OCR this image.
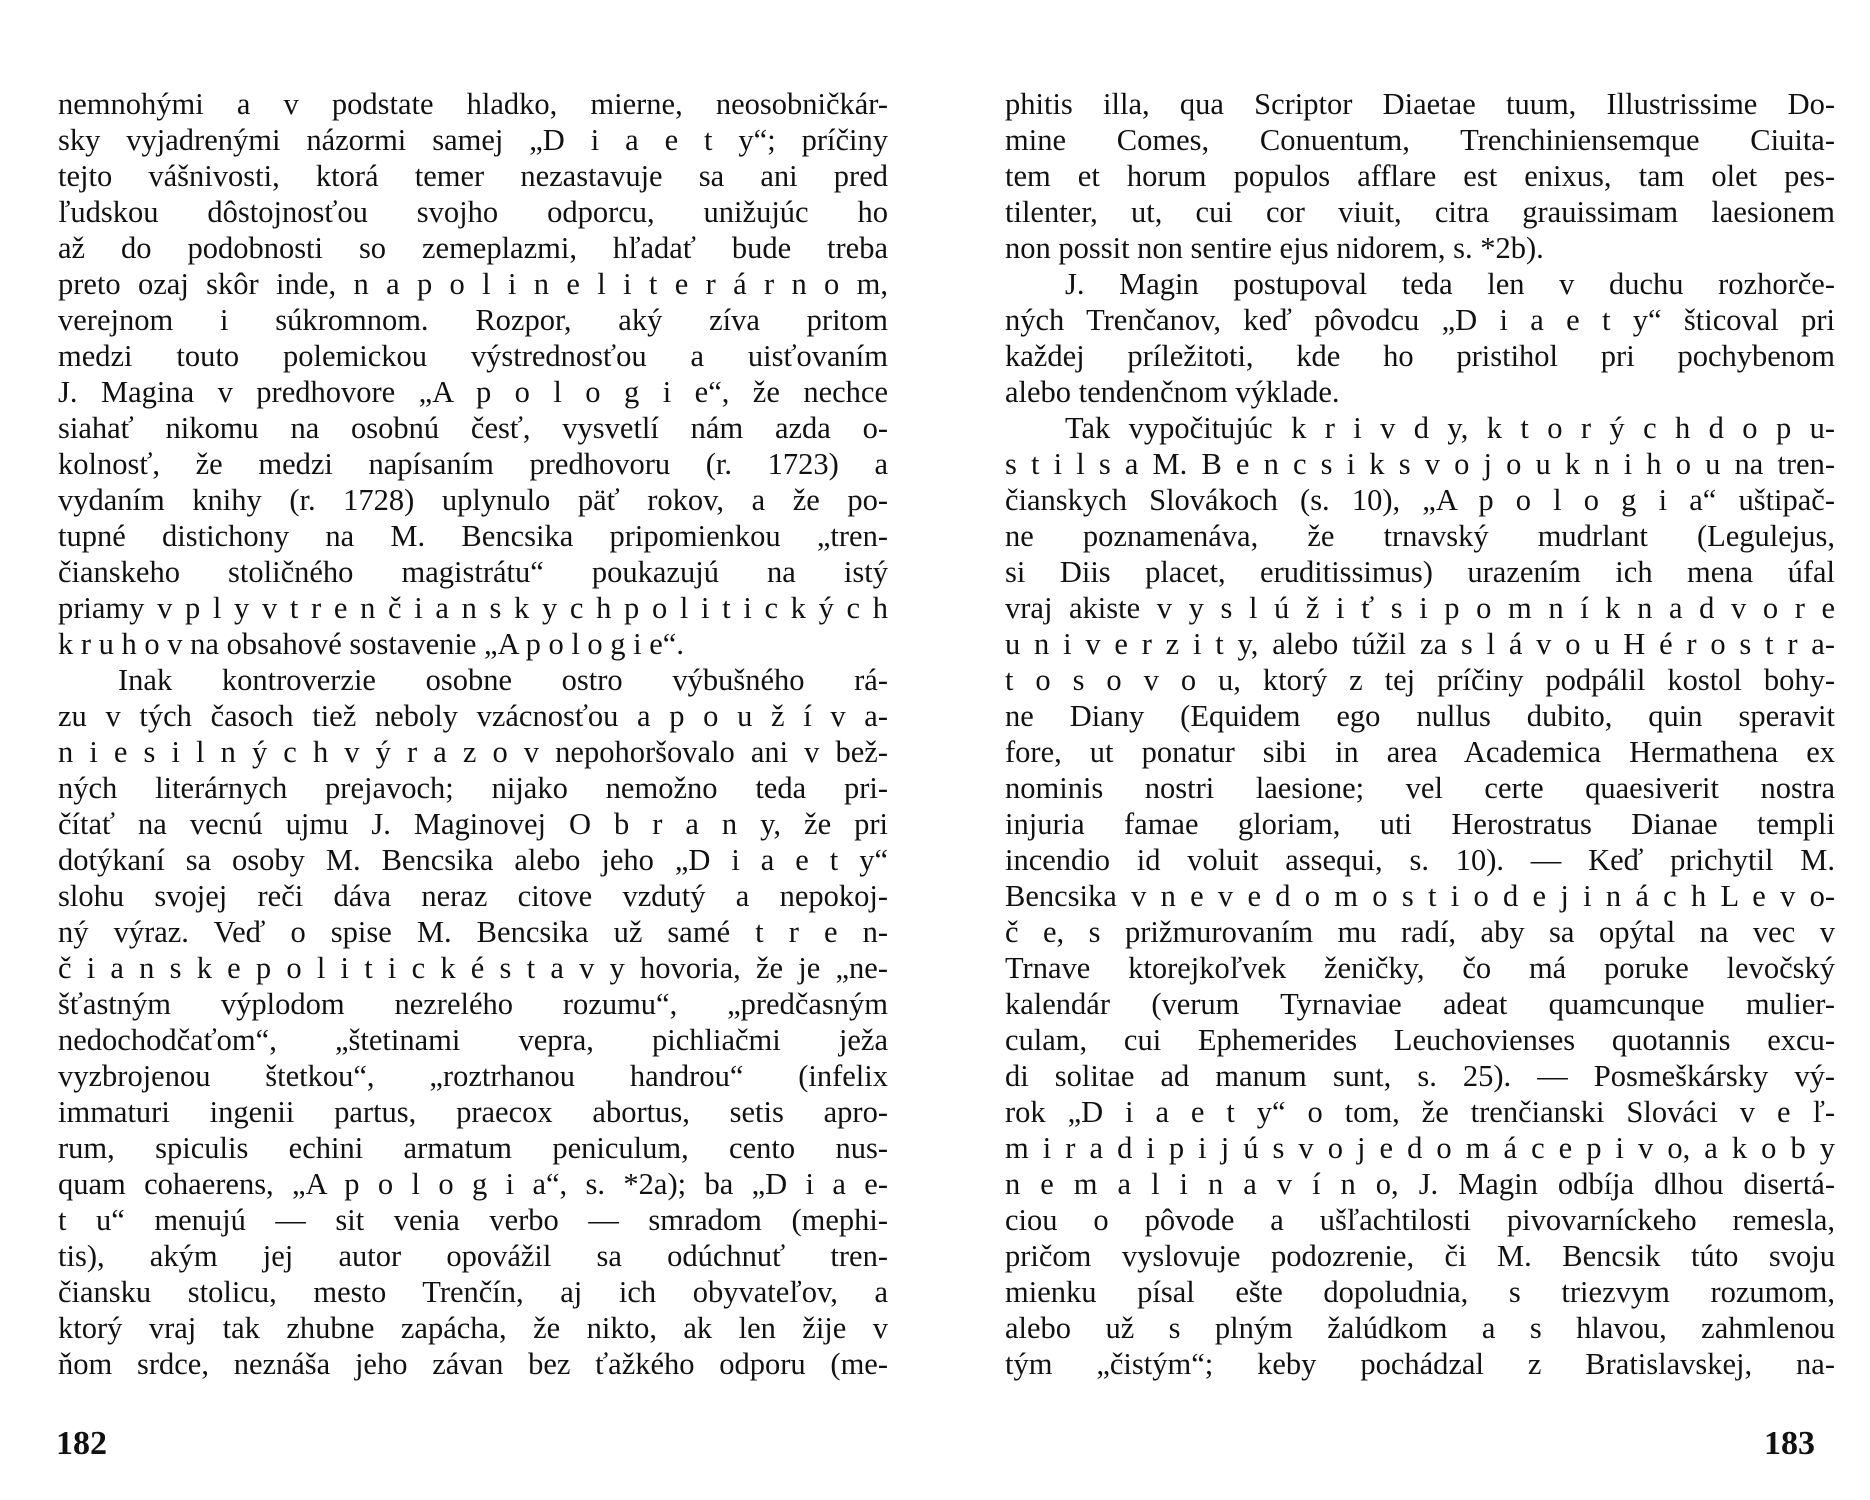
nemnohými a v podstate hladko, mierne, neosobničkár-
sky vyjadrenými názormi samej „D i a e t y“; príčiny
tejto vášnivosti, ktorá temer nezastavuje sa ani pred
ľudskou dôstojnosťou svojho odporcu, unižujúc ho
až do podobnosti so zemeplazmi, hľadať bude treba
preto ozaj skôr inde, n a p o l i n e l i t e r á r n o m,
verejnom i súkromnom. Rozpor, aký zíva pritom
medzi touto polemickou výstrednosťou a uisťovaním
J. Magina v predhovore „A p o l o g i e“, že nechce
siahať nikomu na osobnú česť, vysvetlí nám azda o-
kolnosť, že medzi napísaním predhovoru (r. 1723) a
vydaním knihy (r. 1728) uplynulo päť rokov, a že po-
tupné distichony na M. Bencsika pripomienkou „tren-
čianskeho stoličného magistrátu“ poukazujú na istý
priamy v p l y v t r e n č i a n s k y c h p o l i t i c k ý c h
k r u h o v na obsahové sostavenie „A p o l o g i e“.
Inak kontroverzie osobne ostro výbušného rá-
zu v tých časoch tiež neboly vzácnosťou a p o u ž í v a-
n i e s i l n ý c h v ý r a z o v nepohoršovalo ani v bež-
ných literárnych prejavoch; nijako nemožno teda pri-
čítať na vecnú ujmu J. Maginovej O b r a n y, že pri
dotýkaní sa osoby M. Bencsika alebo jeho „D i a e t y“
slohu svojej reči dáva neraz citove vzdutý a nepokoj-
ný výraz. Veď o spise M. Bencsika už samé t r e n-
č i a n s k e p o l i t i c k é s t a v y hovoria, že je „ne-
šťastným výplodom nezrelého rozumu“, „predčasným
nedochodčaťom“, „štetinami vepra, pichliačmi ježa
vyzbrojenou štetkou“, „roztrhanou handrou“ (infelix
immaturi ingenii partus, praecox abortus, setis apro-
rum, spiculis echini armatum peniculum, cento nus-
quam cohaerens, „A p o l o g i a“, s. *2a); ba „D i a e-
t u“ menujú — sit venia verbo — smradom (mephi-
tis), akým jej autor opovážil sa odúchnuť tren-
čiansku stolicu, mesto Trenčín, aj ich obyvateľov, a
ktorý vraj tak zhubne zapácha, že nikto, ak len žije v
ňom srdce, neznáša jeho závan bez ťažkého odporu (me-
phitis illa, qua Scriptor Diaetae tuum, Illustrissime Do-
mine Comes, Conuentum, Trenchiniensemque Ciuita-
tem et horum populos afflare est enixus, tam olet pes-
tilenter, ut, cui cor viuit, citra grauissimam laesionem
non possit non sentire ejus nidorem, s. *2b).
J. Magin postupoval teda len v duchu rozhorče-
ných Trenčanov, keď pôvodcu „D i a e t y“ šticoval pri
každej príležitoti, kde ho pristihol pri pochybenom
alebo tendenčnom výklade.
Tak vypočitujúc k r i v d y, k t o r ý c h d o p u-
s t i l s a M. B e n c s i k s v o j o u k n i h o u na tren-
čianskych Slovákoch (s. 10), „A p o l o g i a“ uštipač-
ne poznamenáva, že trnavský mudrlant (Legulejus,
si Diis placet, eruditissimus) urazením ich mena úfal
vraj akiste v y s l ú ž i ť s i p o m n í k n a d v o r e
u n i v e r z i t y, alebo túžil za s l á v o u H é r o s t r a-
t o s o v o u, ktorý z tej príčiny podpálil kostol bohy-
ne Diany (Equidem ego nullus dubito, quin speravit
fore, ut ponatur sibi in area Academica Hermathena ex
nominis nostri laesione; vel certe quaesiverit nostra
injuria famae gloriam, uti Herostratus Dianae templi
incendio id voluit assequi, s. 10). — Keď prichytil M.
Bencsika v n e v e d o m o s t i o d e j i n á c h L e v o-
č e, s prižmurovaním mu radí, aby sa opýtal na vec v
Trnave ktorejkoľvek ženičky, čo má poruke levočský
kalendár (verum Tyrnaviae adeat quamcunque mulier-
culam, cui Ephemerides Leuchovienses quotannis excu-
di solitae ad manum sunt, s. 25). — Posmeškársky vý-
rok „D i a e t y“ o tom, že trenčianski Slováci v e ľ-
m i r a d i p i j ú s v o j e d o m á c e p i v o, a k o b y
n e m a l i n a v í n o, J. Magin odbíja dlhou disertá-
ciou o pôvode a ušľachtilosti pivovarníckeho remesla,
pričom vyslovuje podozrenie, či M. Bencsik túto svoju
mienku písal ešte dopoludnia, s triezvym rozumom,
alebo už s plným žalúdkom a s hlavou, zahmlenou
tým „čistým“; keby pochádzal z Bratislavskej, na-
182	183
